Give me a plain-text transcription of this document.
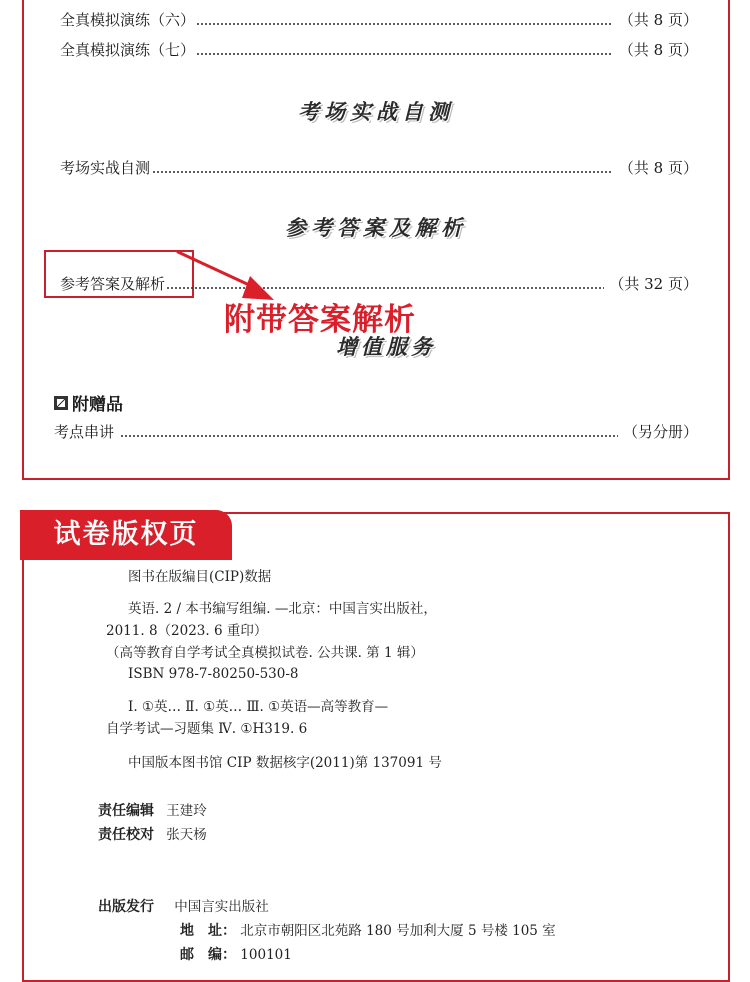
全真模拟演练（六）	（共 8 页）
全真模拟演练（七）	（共 8 页）
考场实战自测
考场实战自测	（共 8 页）
参考答案及解析
参考答案及解析	（共 32 页）
附带答案解析
增值服务
附赠品
考点串讲	（另分册）
图书在版编目(CIP)数据
英语. 2 / 本书编写组编. —北京：中国言实出版社，
2011. 8（2023. 6 重印）
（高等教育自学考试全真模拟试卷. 公共课. 第 1 辑）
ISBN 978-7-80250-530-8
Ⅰ. ①英… Ⅱ. ①英… Ⅲ. ①英语—高等教育—
自学考试—习题集 Ⅳ. ①H319. 6
中国版本图书馆 CIP 数据核字(2011)第 137091 号
责任编辑 王建玲
责任校对 张天杨
出版发行 中国言实出版社
地　址： 北京市朝阳区北苑路 180 号加利大厦 5 号楼 105 室
邮　编： 100101
试卷版权页
